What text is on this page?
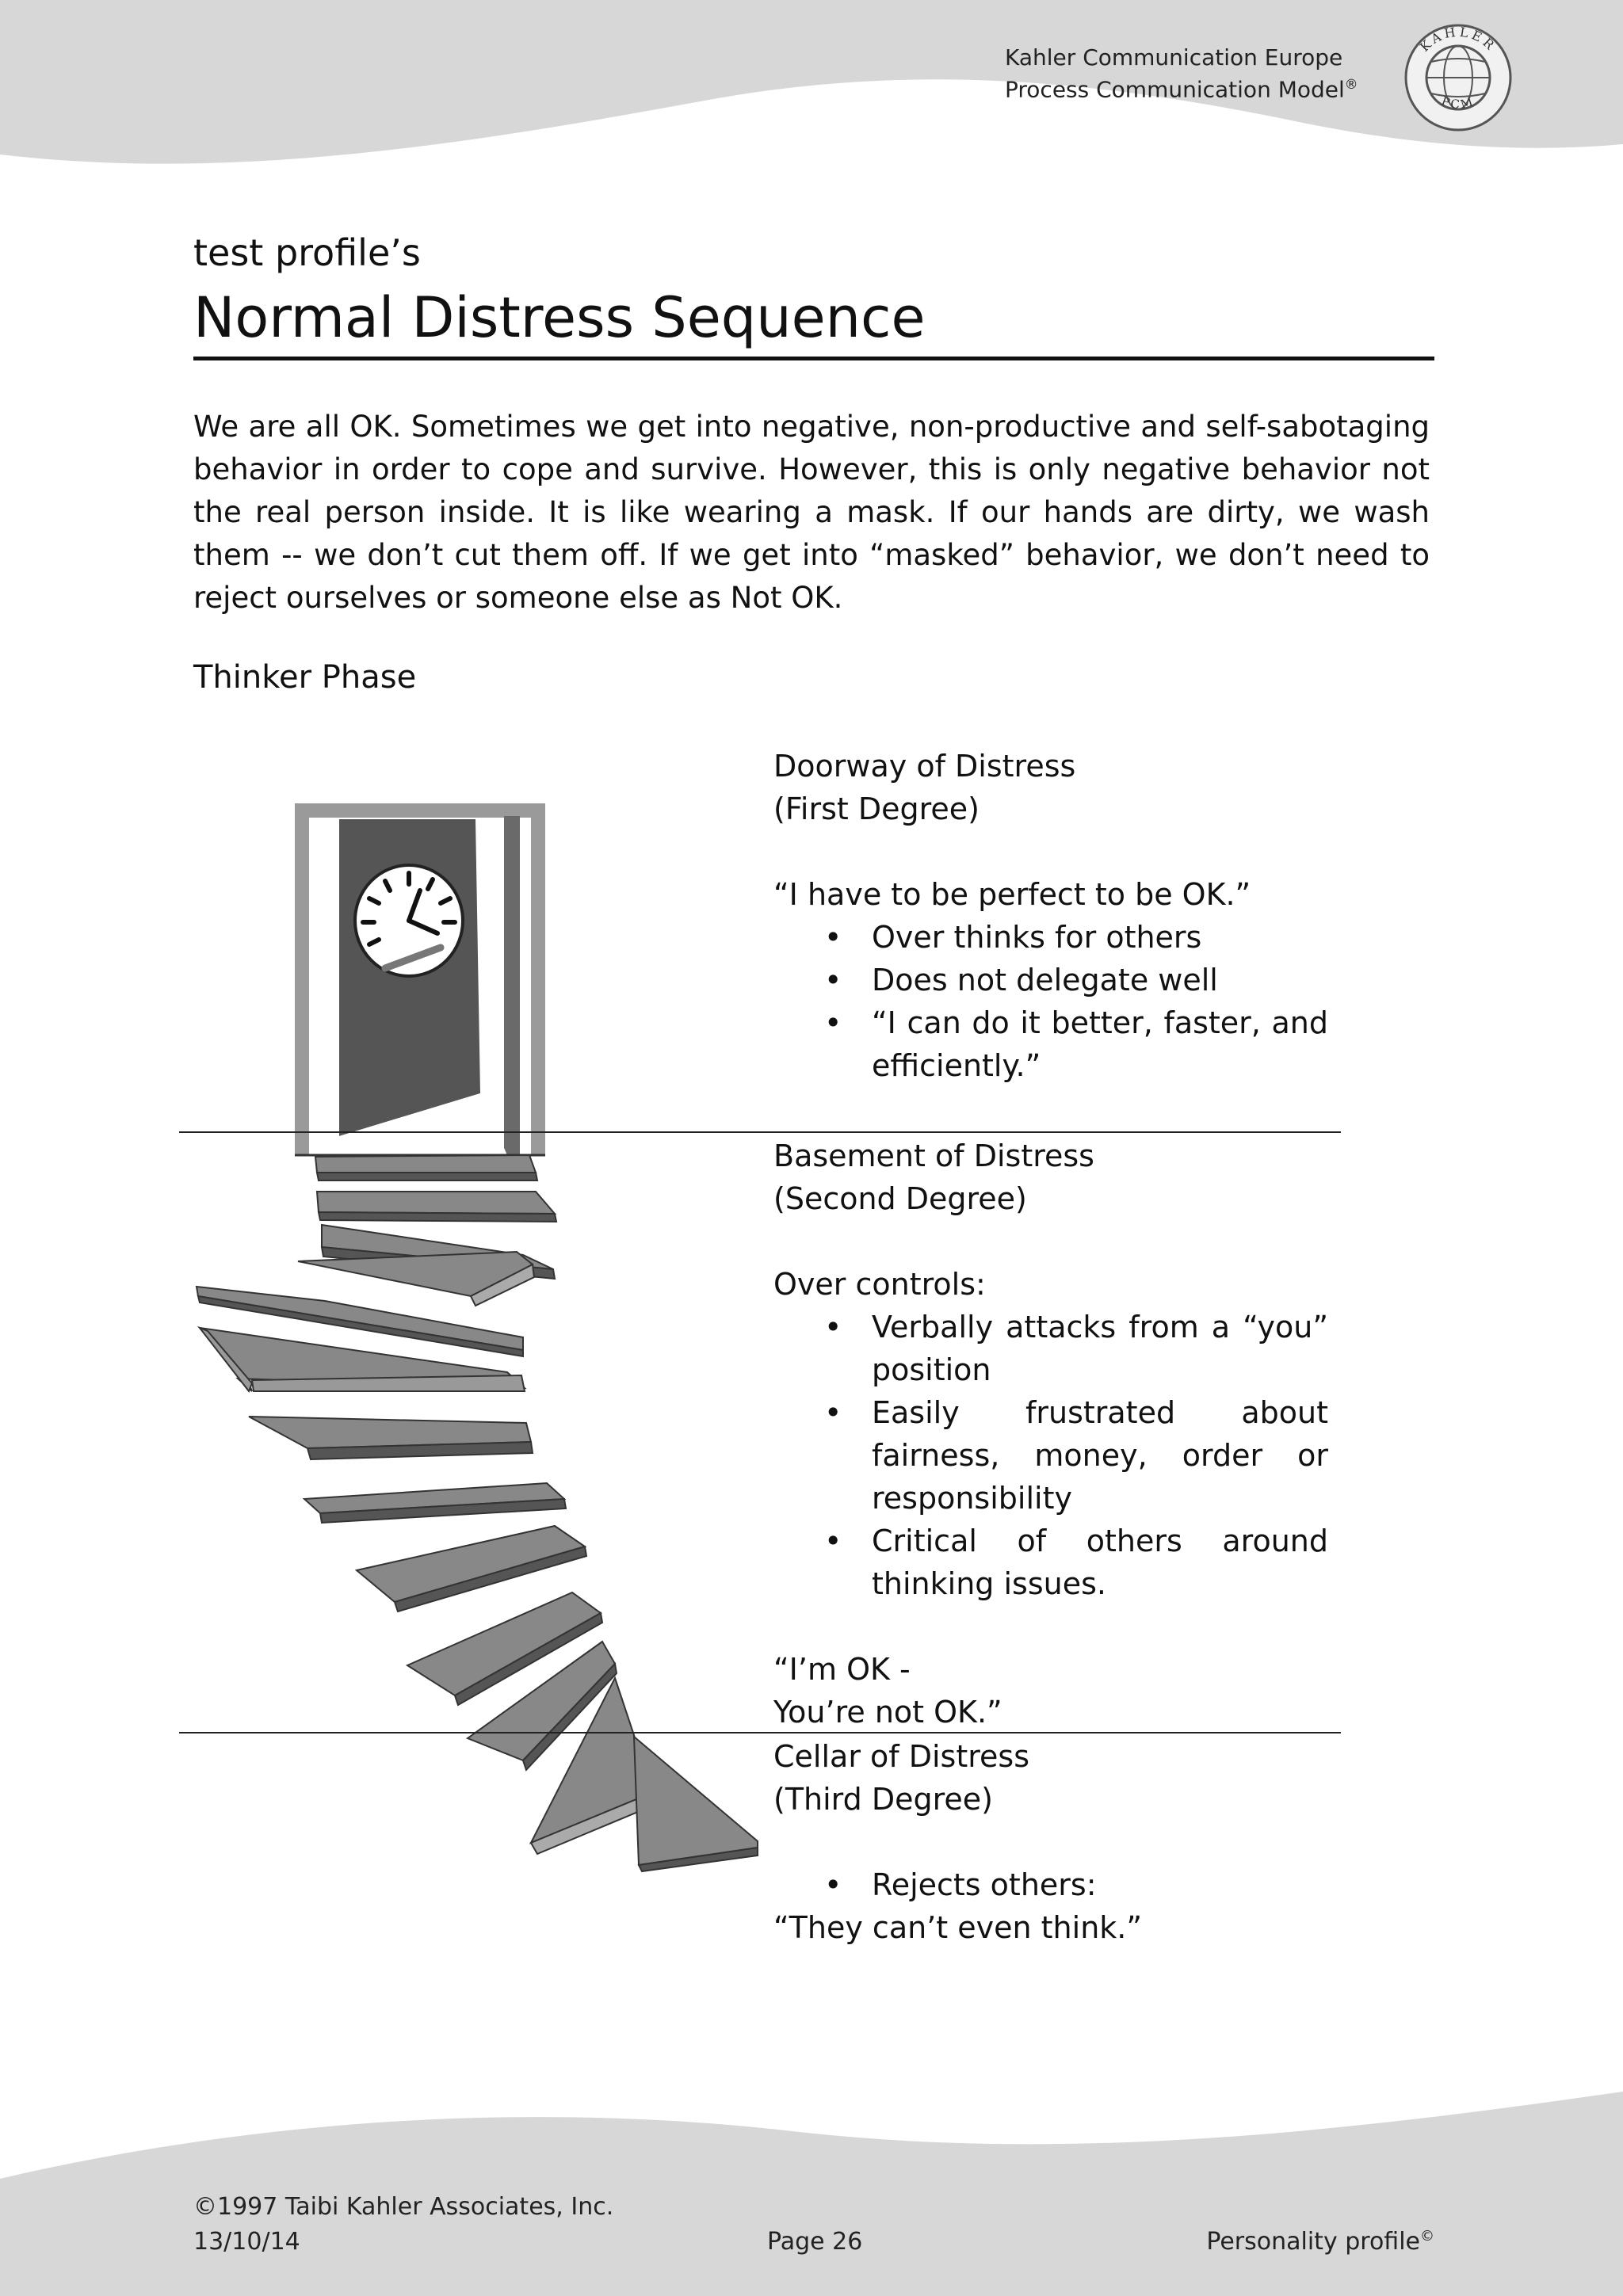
Kahler Communication Europe
Process Communication Model®
KAHLER
PCM
test profile’s
Normal Distress Sequence
We are all OK. Sometimes we get into negative, non-productive and self-sabotaging behavior in order to cope and survive. However, this is only negative behavior not the real person inside. It is like wearing a mask. If our hands are dirty, we wash them -- we don’t cut them off. If we get into “masked” behavior, we don’t need to reject ourselves or someone else as Not OK.
Thinker Phase
Doorway of Distress
(First Degree)
“I have to be perfect to be OK.”
• Over thinks for others
• Does not delegate well
• “I can do it better, faster, and efficiently.”
Basement of Distress
(Second Degree)
Over controls:
• Verbally attacks from a “you” position
• Easily frustrated about fairness, money, order or responsibility
• Critical of others around thinking issues.
“I’m OK -
You’re not OK.”
Cellar of Distress
(Third Degree)
• Rejects others:
“They can’t even think.”
©1997 Taibi Kahler Associates, Inc.
13/10/14	Page 26	Personality profile©
